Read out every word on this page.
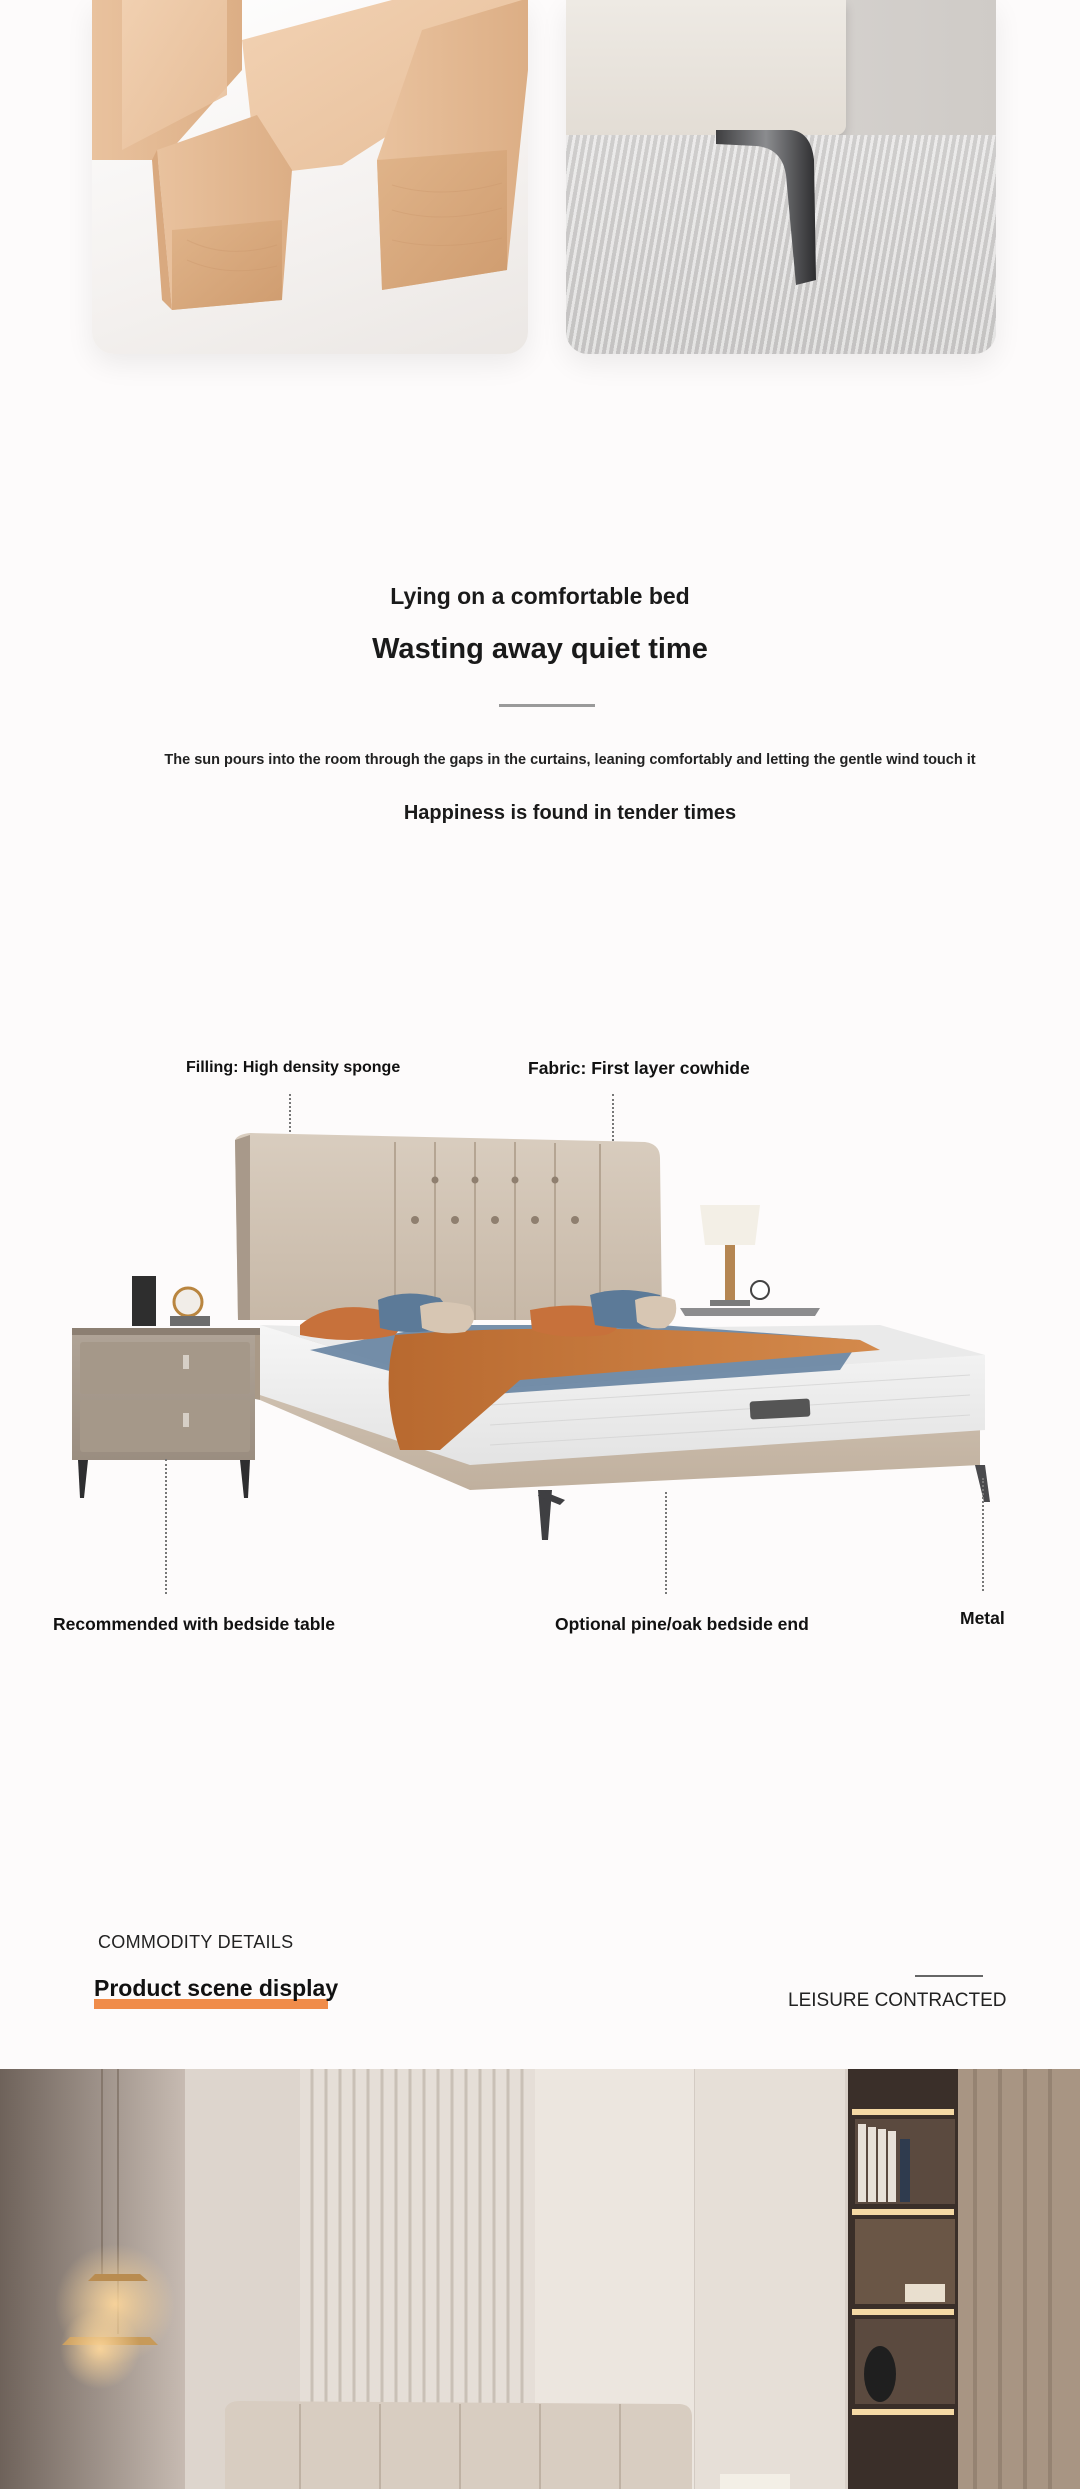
Lying on a comfortable bed
Wasting away quiet time
The sun pours into the room through the gaps in the curtains, leaning comfortably and letting the gentle wind touch it
Happiness is found in tender times
Filling: High density sponge	Fabric: First layer cowhide
Recommended with bedside table	Optional pine/oak bedside end	Metal
COMMODITY DETAILS
Product scene display	LEISURE CONTRACTED
